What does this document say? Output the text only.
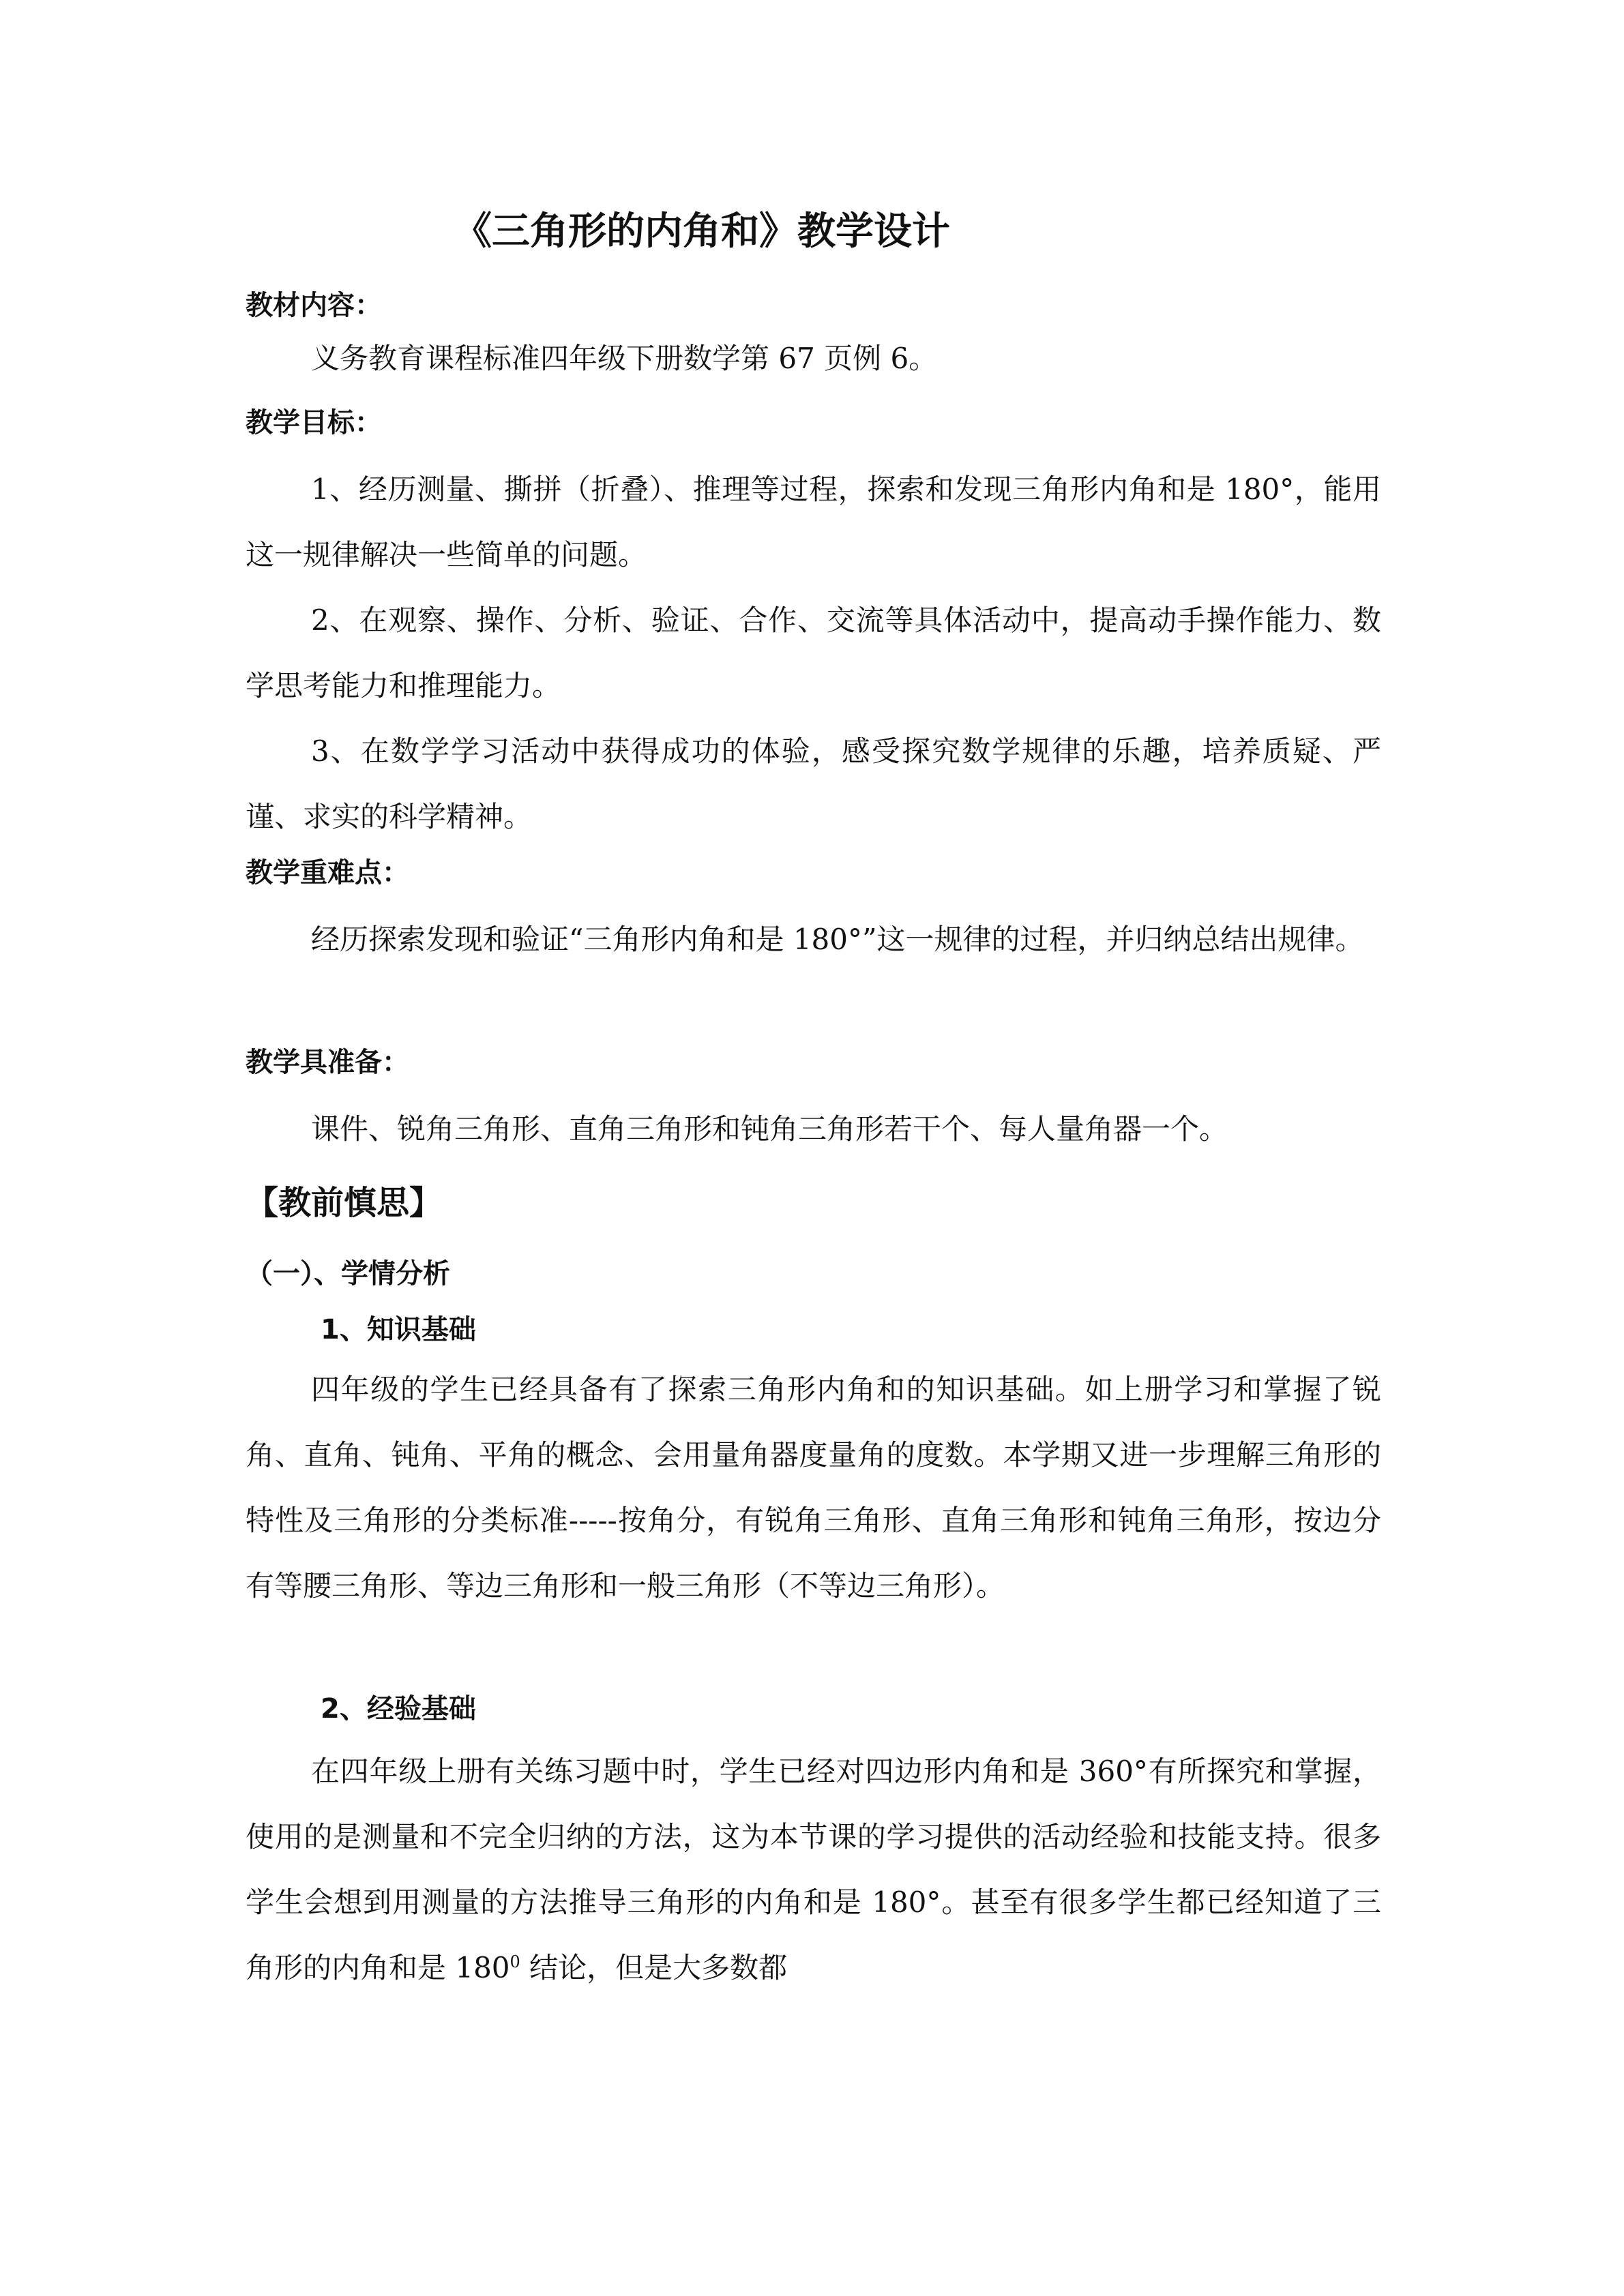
《三角形的内角和》教学设计
教材内容：
义务教育课程标准四年级下册数学第 67 页例 6。
教学目标：
1、经历测量、撕拼（折叠）、推理等过程，探索和发现三角形内角和是 180°，能用这一规律解决一些简单的问题。
2、在观察、操作、分析、验证、合作、交流等具体活动中，提高动手操作能力、数学思考能力和推理能力。
3、在数学学习活动中获得成功的体验，感受探究数学规律的乐趣，培养质疑、严谨、求实的科学精神。
教学重难点：
经历探索发现和验证“三角形内角和是 180°”这一规律的过程，并归纳总结出规律。
教学具准备：
课件、锐角三角形、直角三角形和钝角三角形若干个、每人量角器一个。
【教前慎思】
（一）、学情分析
1、知识基础
四年级的学生已经具备有了探索三角形内角和的知识基础。如上册学习和掌握了锐角、直角、钝角、平角的概念、会用量角器度量角的度数。本学期又进一步理解三角形的特性及三角形的分类标准-----按角分，有锐角三角形、直角三角形和钝角三角形，按边分有等腰三角形、等边三角形和一般三角形（不等边三角形）。
2、经验基础
在四年级上册有关练习题中时，学生已经对四边形内角和是 360°有所探究和掌握，使用的是测量和不完全归纳的方法，这为本节课的学习提供的活动经验和技能支持。很多学生会想到用测量的方法推导三角形的内角和是 180°。甚至有很多学生都已经知道了三角形的内角和是 $180^0$ 结论，但是大多数都
